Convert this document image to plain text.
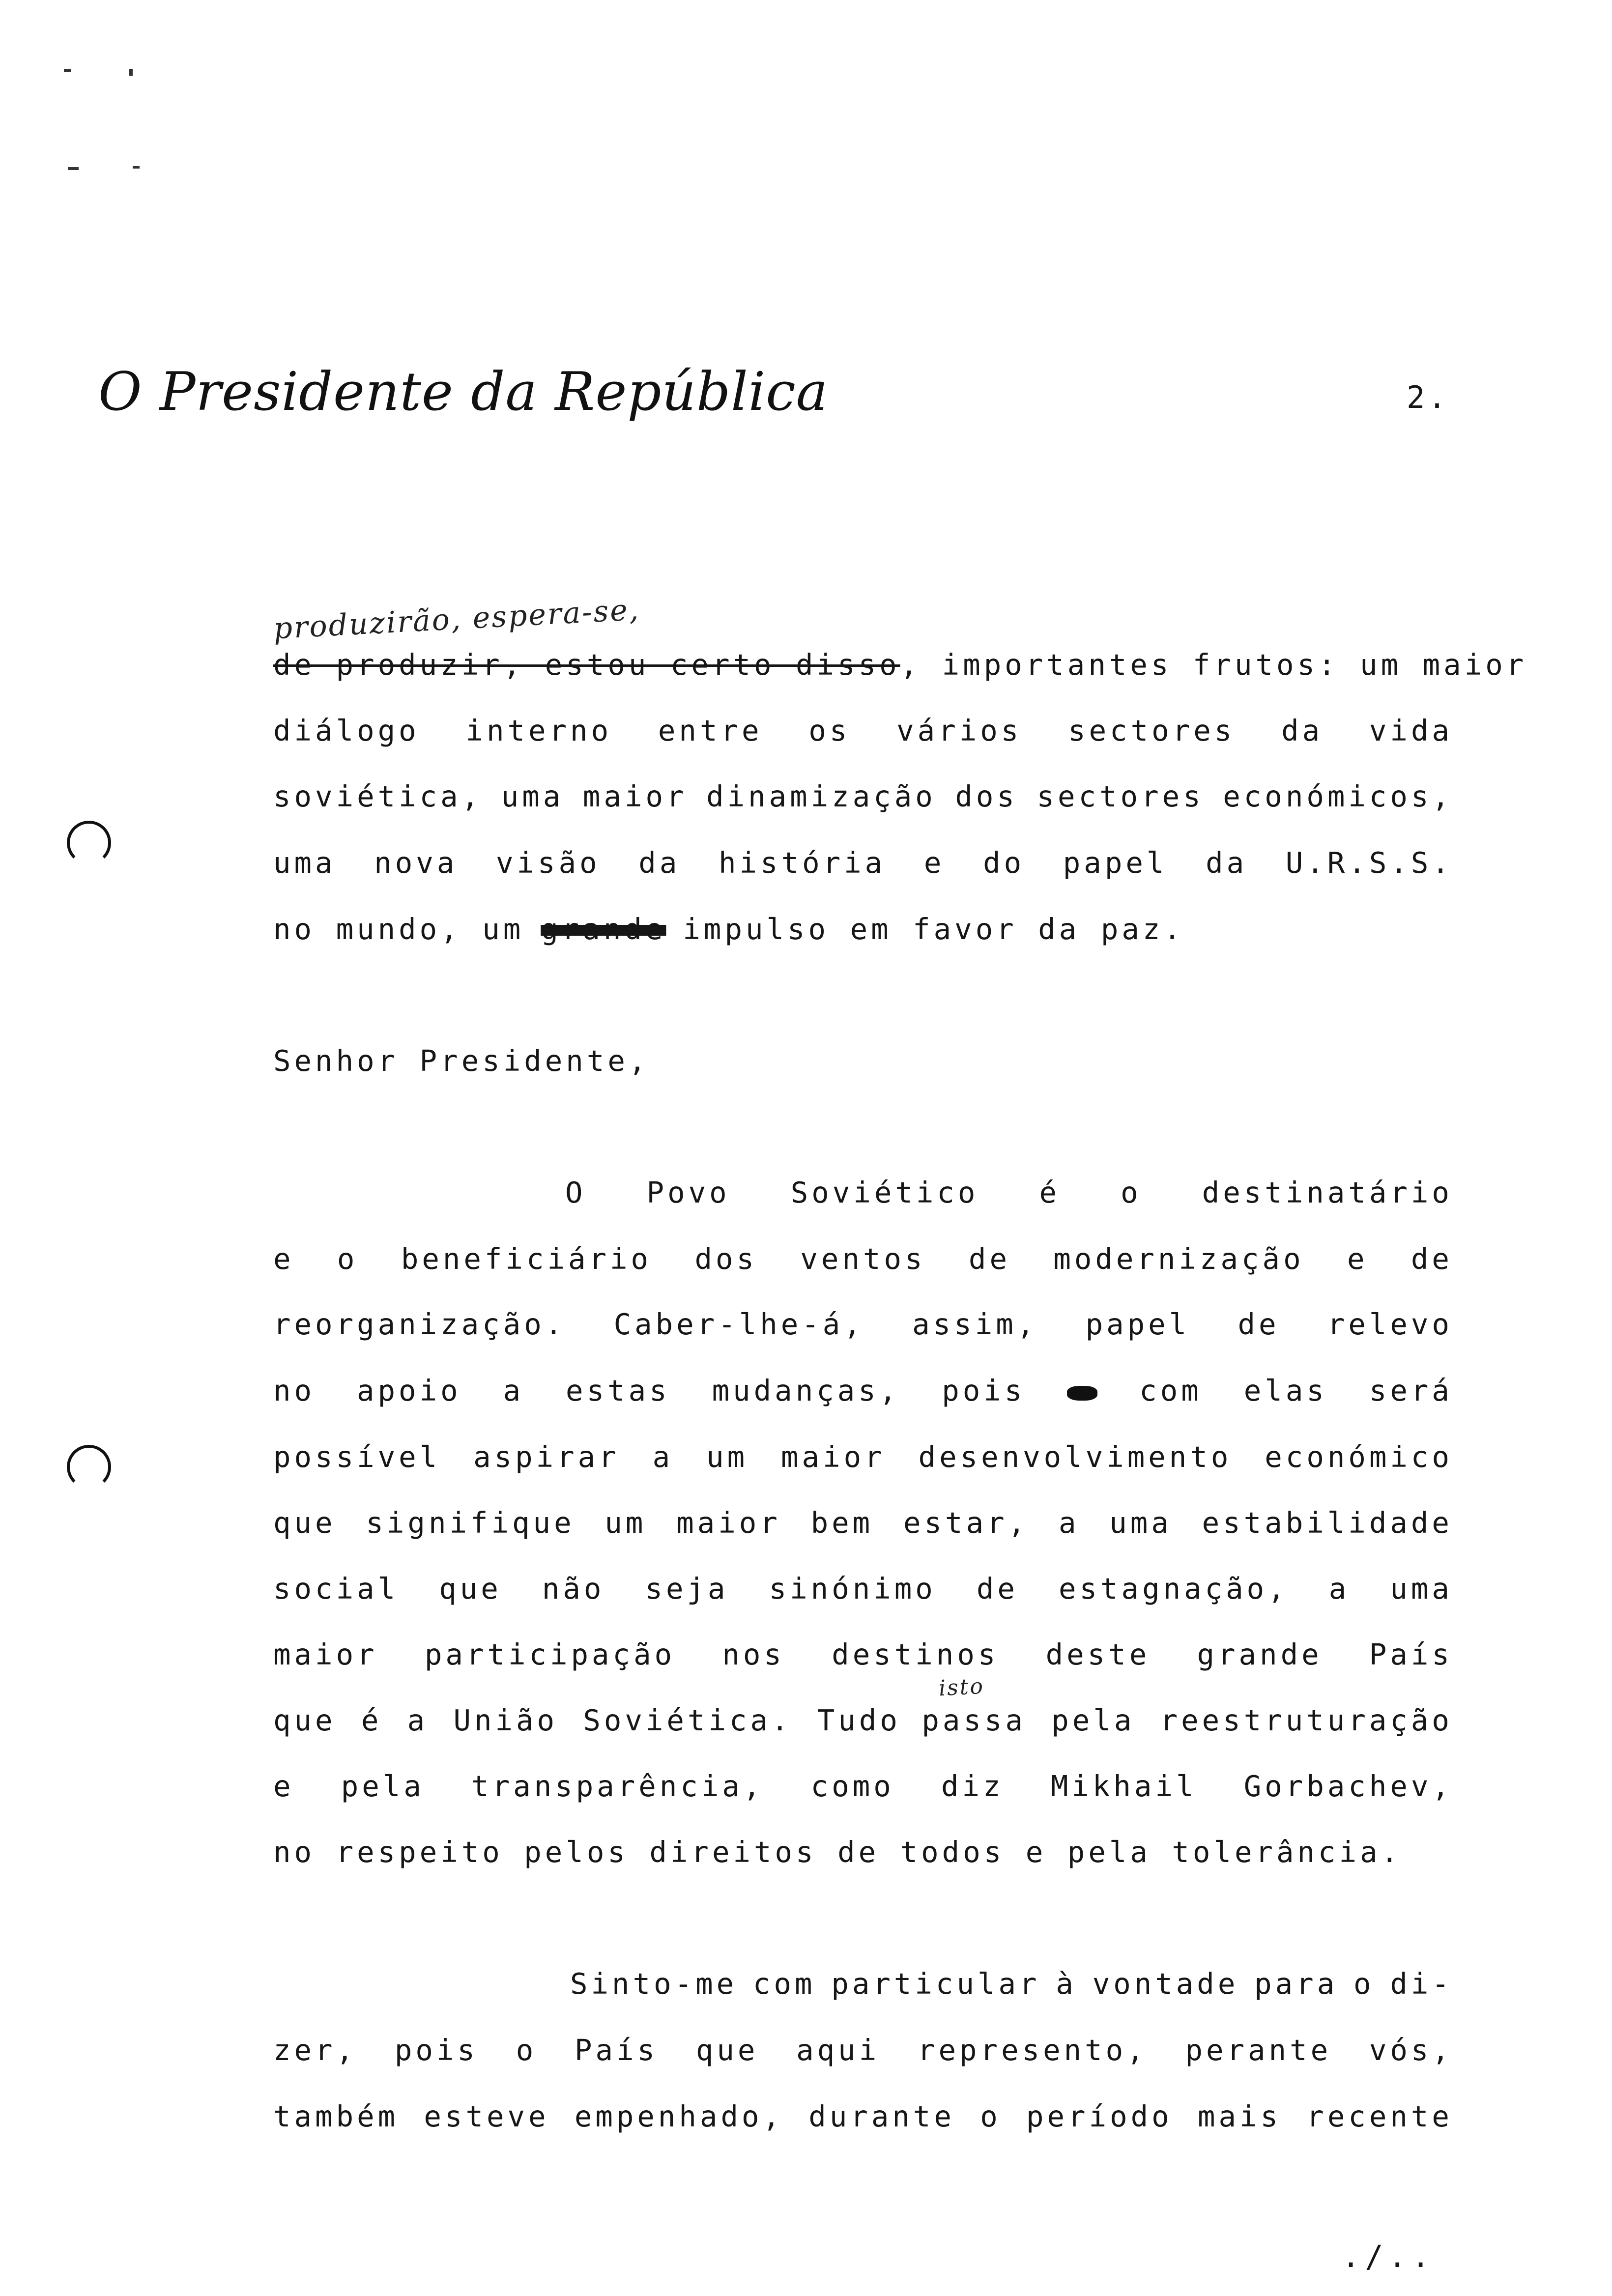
O Presidente da República	2.
produzirão, espera-se,
de produzir, estou certo disso , importantes frutos: um maior
diálogo interno entre os vários sectores da vida
soviética, uma maior dinamização dos sectores económicos,
uma nova visão da história e do papel da U.R.S.S.
no mundo, um grande impulso em favor da paz.
Senhor Presidente,
O Povo Soviético é o destinatário
e o beneficiário dos ventos de modernização e de
reorganização. Caber-lhe-á, assim, papel de relevo
no apoio a estas mudanças, pois	com elas será
possível aspirar a um maior desenvolvimento económico
que signifique um maior bem estar, a uma estabilidade
social que não seja sinónimo de estagnação, a uma
maior participação nos destinos deste grande País
isto
que é a União Soviética. Tudo passa pela reestruturação
e pela transparência, como diz Mikhail Gorbachev,
no respeito pelos direitos de todos e pela tolerância.
Sinto-me com particular à vontade para o di-
zer, pois o País que aqui represento, perante vós,
também esteve empenhado, durante o período mais recente
./..
